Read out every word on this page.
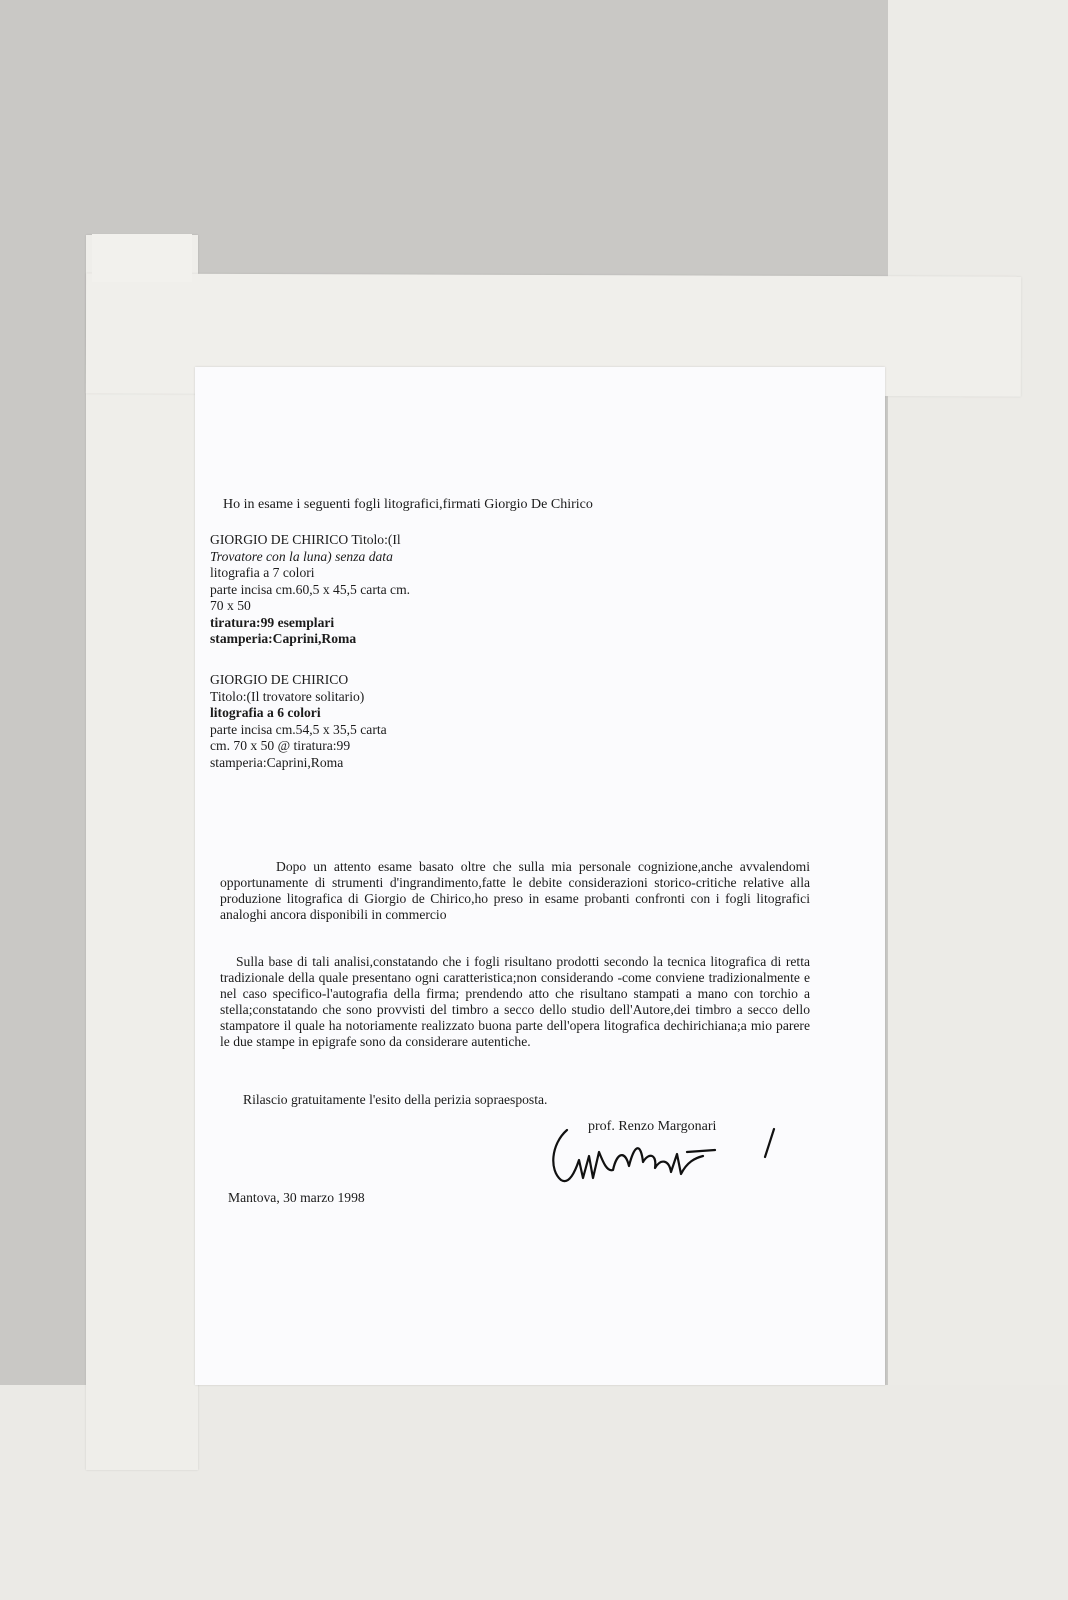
Ho in esame i seguenti fogli litografici,firmati Giorgio De Chirico
GIORGIO DE CHIRICO Titolo:(Il
Trovatore con la luna) senza data
litografia a 7 colori
parte incisa cm.60,5 x 45,5 carta cm.
70 x 50
tiratura:99 esemplari
stamperia:Caprini,Roma
GIORGIO DE CHIRICO
Titolo:(Il trovatore solitario)
litografia a 6 colori
parte incisa cm.54,5 x 35,5 carta
cm. 70 x 50 @ tiratura:99
stamperia:Caprini,Roma
Dopo un attento esame basato oltre che sulla mia personale cognizione,anche avvalendomi opportunamente di strumenti d'ingrandimento,fatte le debite considerazioni storico-critiche relative alla produzione litografica di Giorgio de Chirico,ho preso in esame probanti confronti con i fogli litografici analoghi ancora disponibili in commercio
Sulla base di tali analisi,constatando che i fogli risultano prodotti secondo la tecnica litografica di retta tradizionale della quale presentano ogni caratteristica;non considerando -come conviene tradizionalmente e nel caso specifico-l'autografia della firma; prendendo atto che risultano stampati a mano con torchio a stella;constatando che sono provvisti del timbro a secco dello studio dell'Autore,dei timbro a secco dello stampatore il quale ha notoriamente realizzato buona parte dell'opera litografica dechirichiana;a mio parere le due stampe in epigrafe sono da considerare autentiche.
Rilascio gratuitamente l'esito della perizia sopraesposta.
prof. Renzo Margonari
Mantova, 30 marzo 1998
